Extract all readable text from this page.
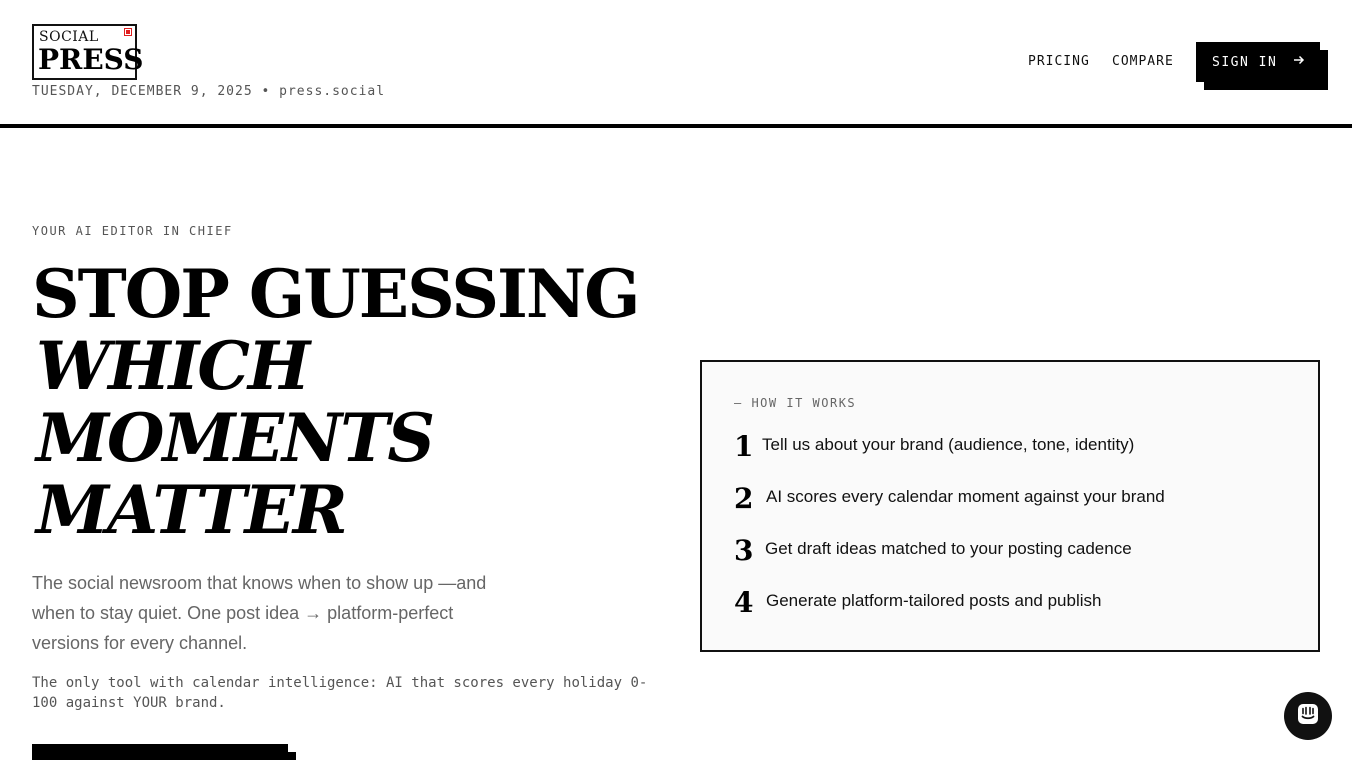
SOCIAL
PRESS
TUESDAY, DECEMBER 9, 2025 • press.social
PRICING COMPARE	SIGN IN
YOUR AI EDITOR IN CHIEF
STOP GUESSING
WHICH
MOMENTS
MATTER

The social newsroom that knows when to show up —and when to stay quiet. One post idea → platform-perfect versions for every channel.

The only tool with calendar intelligence: AI that scores every holiday 0-100 against YOUR brand.

— HOW IT WORKS
1 Tell us about your brand (audience, tone, identity)
2 AI scores every calendar moment against your brand
3 Get draft ideas matched to your posting cadence
4 Generate platform-tailored posts and publish
